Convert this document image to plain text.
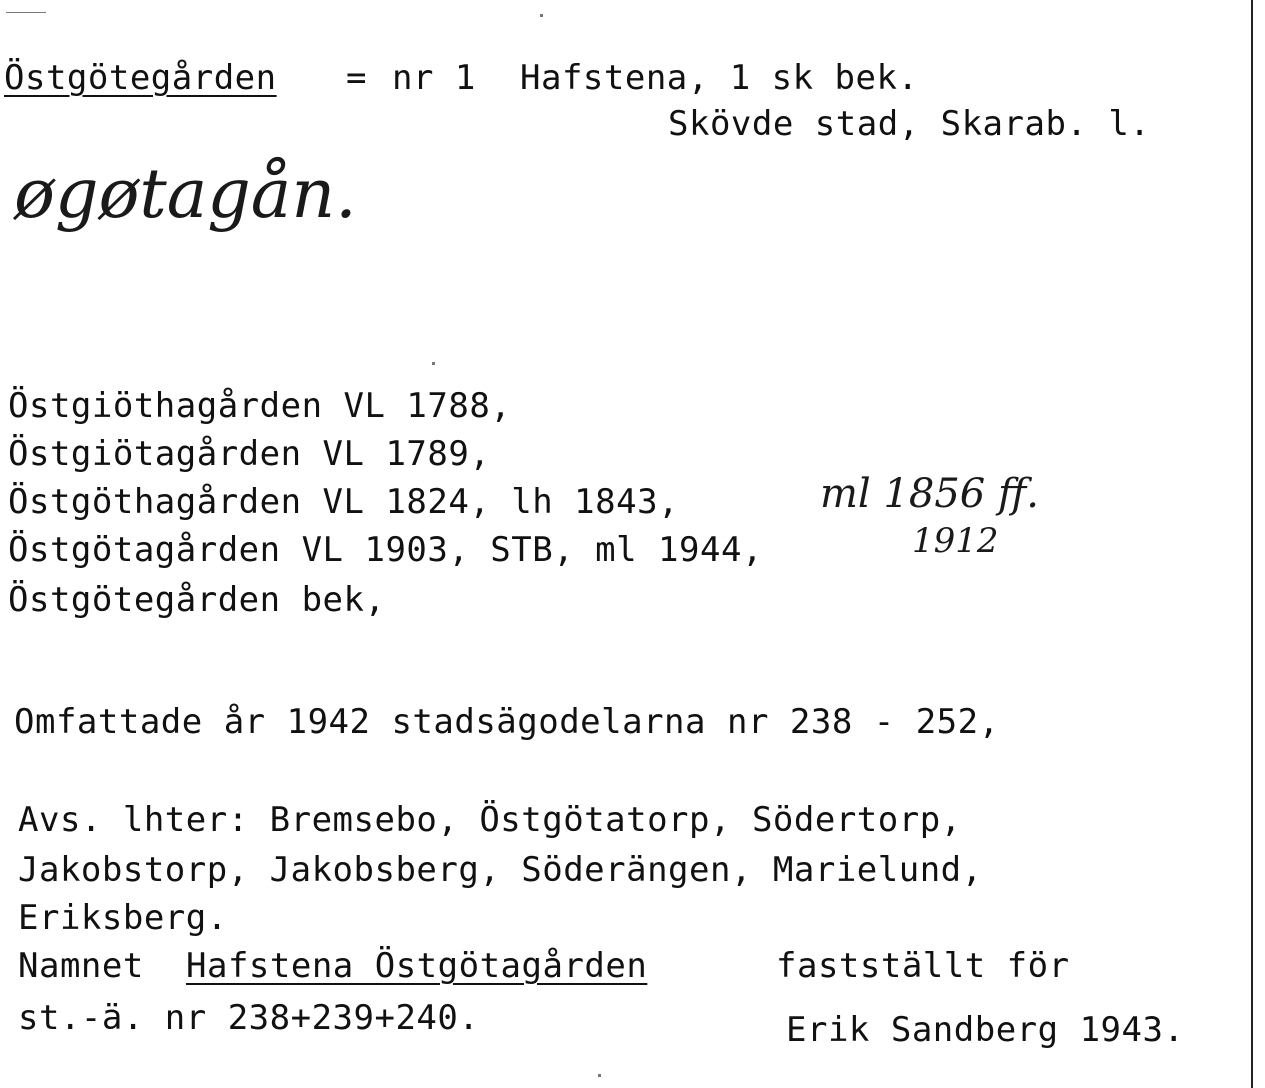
Östgötegården = nr 1 Hafstena, 1 sk bek.
Skövde stad, Skarab. l.
øgøtagån.
Östgiöthagården VL 1788,
Östgiötagården VL 1789,
Östgöthagården VL 1824, lh 1843,	ml 1856 ff.
Östgötagården VL 1903, STB, ml 1944,	1912
Östgötegården bek,
Omfattade år 1942 stadsägodelarna nr 238 - 252,
Avs. lhter: Bremsebo, Östgötatorp, Södertorp,
Jakobstorp, Jakobsberg, Söderängen, Marielund,
Eriksberg.
Namnet Hafstena Östgötagården	fastställt för
st.-ä. nr 238+239+240.	Erik Sandberg 1943.
